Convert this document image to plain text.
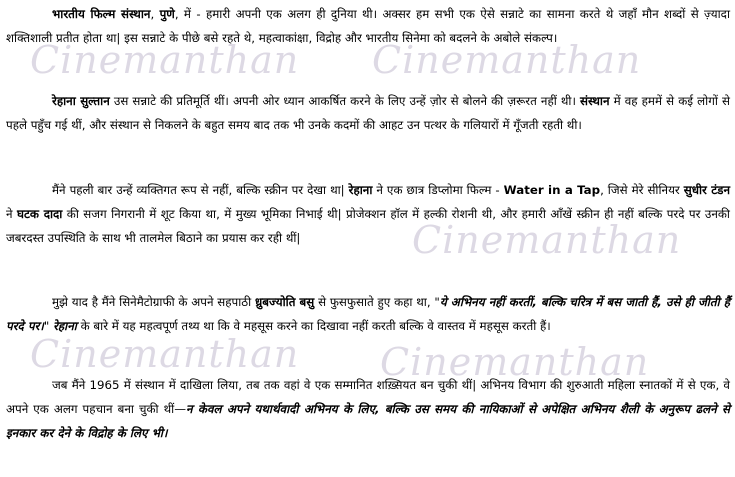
Cinemanthan Cinemanthan
Cinemanthan
Cinemanthan Cinemanthan

भारतीय फिल्म संस्थान, पुणे, में - हमारी अपनी एक अलग ही दुनिया थी। अक्सर हम सभी एक ऐसे सन्नाटे का सामना करते थे जहाँ मौन शब्दों से ज़्यादा शक्तिशाली प्रतीत होता था| इस सन्नाटे के पीछे बसे रहते थे, महत्वाकांक्षा, विद्रोह और भारतीय सिनेमा को बदलने के अबोले संकल्प।

रेहाना सुल्तान उस सन्नाटे की प्रतिमूर्ति थीं। अपनी ओर ध्यान आकर्षित करने के लिए उन्हें ज़ोर से बोलने की ज़रूरत नहीं थी। संस्थान में वह हममें से कई लोगों से पहले पहुँच गई थीं, और संस्थान से निकलने के बहुत समय बाद तक भी उनके कदमों की आहट उन पत्थर के गलियारों में गूँजती रहती थी।

मैंने पहली बार उन्हें व्यक्तिगत रूप से नहीं, बल्कि स्क्रीन पर देखा था| रेहाना ने एक छात्र डिप्लोमा फिल्म - Water in a Tap, जिसे मेरे सीनियर सुधीर टंडन ने घटक दादा की सजग निगरानी में शूट किया था, में मुख्य भूमिका निभाई थी| प्रोजेक्शन हॉल में हल्की रोशनी थी, और हमारी आँखें स्क्रीन ही नहीं बल्कि परदे पर उनकी जबरदस्त उपस्थिति के साथ भी तालमेल बिठाने का प्रयास कर रही थीं|

मुझे याद है मैंने सिनेमैटोग्राफी के अपने सहपाठी ध्रुबज्योति बसु से फुसफुसाते हुए कहा था, "ये अभिनय नहीं करतीं, बल्कि चरित्र में बस जाती हैं, उसे ही जीती हैं परदे पर।" रेहाना के बारे में यह महत्वपूर्ण तथ्य था कि वे महसूस करने का दिखावा नहीं करती बल्कि वे वास्तव में महसूस करती हैं।

जब मैंने 1965 में संस्थान में दाखिला लिया, तब तक वहां वे एक सम्मानित शख़्सियत बन चुकी थीं| अभिनय विभाग की शुरुआती महिला स्नातकों में से एक, वे अपने एक अलग पहचान बना चुकी थीं—न केवल अपने यथार्थवादी अभिनय के लिए, बल्कि उस समय की नायिकाओं से अपेक्षित अभिनय शैली के अनुरूप ढलने से इनकार कर देने के विद्रोह के लिए भी।
